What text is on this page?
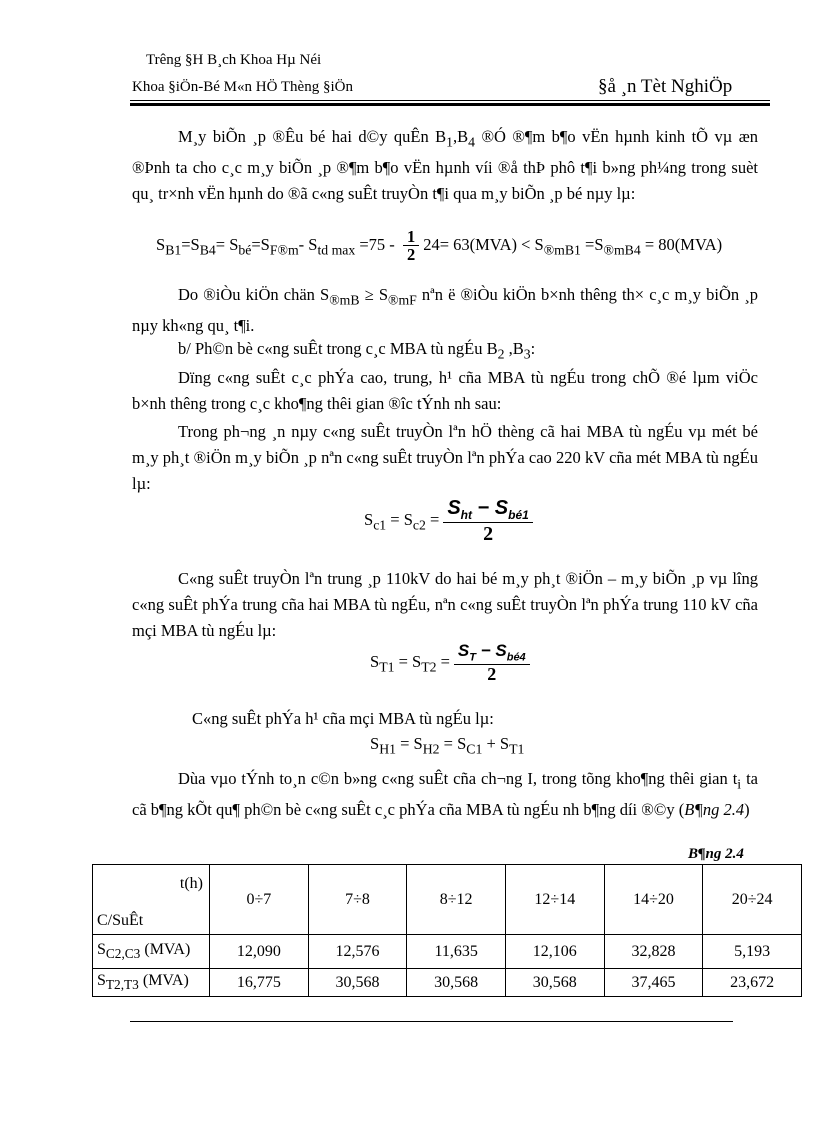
Trêng §H B¸ch Khoa Hµ Néi
Khoa §iÖn-Bé M«n HÖ Thèng §iÖn	§å ¸n Tèt NghiÖp

M¸y biÕn ¸p ®Êu bé hai d©y quÊn $B_1,B_4$ ®Ó ®¶m b¶o vËn hµnh kinh tÕ vµ æn ®Þnh ta cho c¸c m¸y biÕn ¸p ®¶m b¶o vËn hµnh víi ®å thÞ phô t¶i b»ng ph¼ng trong suèt qu¸ tr×nh vËn hµnh do ®ã c«ng suÊt truyÒn t¶i qua m¸y biÕn ¸p bé nµy lµ:

$S_{B1}=S_{B4}= S_{bé}=S_{F®m}-$ $S_{td max} =75 - \frac{1}{2} 24= 63(MVA) < S_{®mB1} =S_{®mB4} = 80(MVA)$

Do ®iÒu kiÖn chän $S_{®mB} \ge S_{®mF}$ nªn ë ®iÒu kiÖn b×nh thêng th× c¸c m¸y biÕn ¸p nµy kh«ng qu¸ t¶i.

b/ Ph©n bè c«ng suÊt trong c¸c MBA tù ngÉu $B_2$ $,B_3$:

Dïng c«ng suÊt c¸c phÝa cao, trung, h¹ cña MBA tù ngÉu trong chÕ ®é lµm viÖc b×nh thêng trong c¸c kho¶ng thêi gian ®îc tÝnh nh sau:

Trong ph¬ng ¸n nµy c«ng suÊt truyÒn lªn hÖ thèng cã hai MBA tù ngÉu vµ mét bé m¸y ph¸t ®iÖn m¸y biÕn ¸p nªn c«ng suÊt truyÒn lªn phÝa cao 220 kV cña mét MBA tù ngÉu lµ:

$S_{c1} = S_{c2} = \frac{S_{ht} - S_{bé1}}{2}$

C«ng suÊt truyÒn lªn trung ¸p 110kV do hai bé m¸y ph¸t ®iÖn – m¸y biÕn ¸p vµ lîng c«ng suÊt phÝa trung cña hai MBA tù ngÉu, nªn c«ng suÊt truyÒn lªn phÝa trung 110 kV cña mçi MBA tù ngÉu lµ:

$S_{T1} = S_{T2} = \frac{S_T - S_{bé4}}{2}$

C«ng suÊt phÝa h¹ cña mçi MBA tù ngÉu lµ:

$S_{H1} = S_{H2} = S_{C1} + S_{T1}$

Dùa vµo tÝnh to¸n c©n b»ng c«ng suÊt cña ch¬ng I, trong tõng kho¶ng thêi gian $t_i$ ta cã b¶ng kÕt qu¶ ph©n bè c«ng suÊt c¸c phÝa cña MBA tù ngÉu nh b¶ng díi ®©y (B¶ng 2.4)

B¶ng 2.4
t(h)
C/SuÊt	0÷7	7÷8	8÷12	12÷14	14÷20	20÷24
$S_{C2,C3}$ (MVA)	12,090	12,576	11,635	12,106	32,828	5,193
$S_{T2,T3}$ (MVA)	16,775	30,568	30,568	30,568	37,465	23,672
